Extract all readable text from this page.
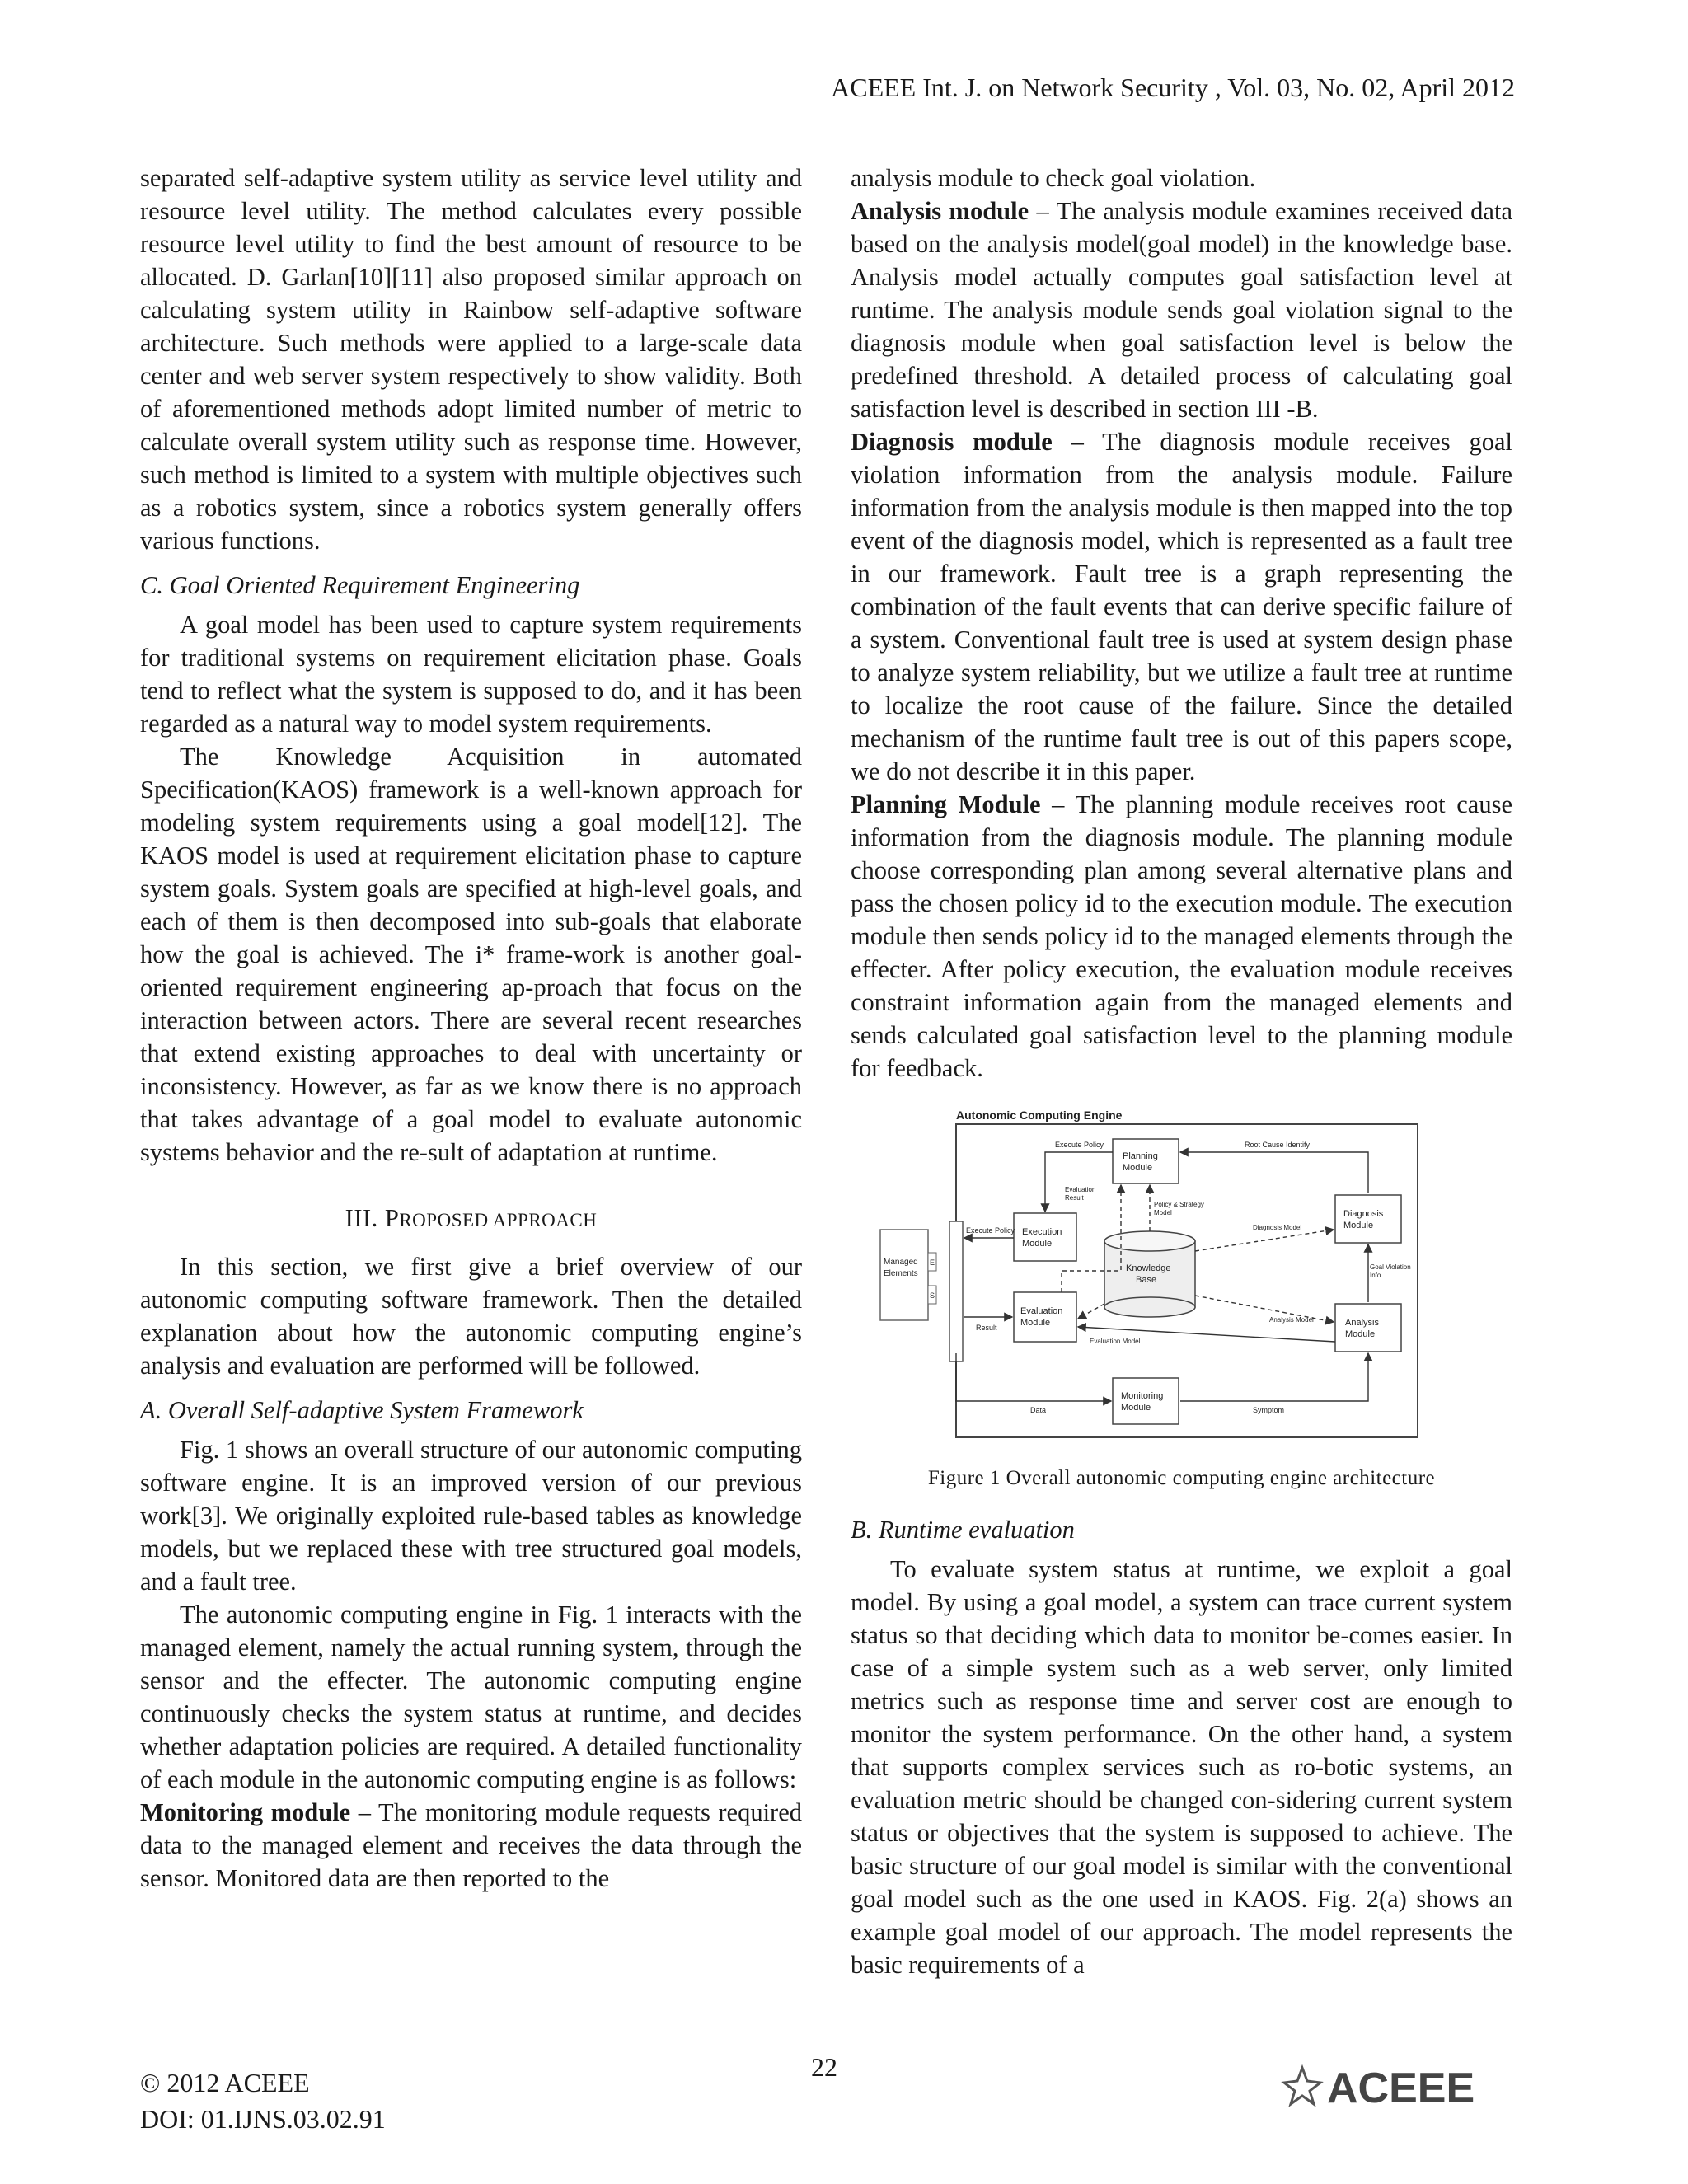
ACEEE Int. J. on Network Security , Vol. 03, No. 02, April 2012

separated self-adaptive system utility as service level utility and resource level utility. The method calculates every possible resource level utility to find the best amount of resource to be allocated. D. Garlan[10][11] also proposed similar approach on calculating system utility in Rainbow self-adaptive software architecture. Such methods were applied to a large-scale data center and web server system respectively to show validity. Both of aforementioned methods adopt limited number of metric to calculate overall system utility such as response time. However, such method is limited to a system with multiple objectives such as a robotics system, since a robotics system generally offers various functions.

C. Goal Oriented Requirement Engineering

A goal model has been used to capture system requirements for traditional systems on requirement elicitation phase. Goals tend to reflect what the system is supposed to do, and it has been regarded as a natural way to model system requirements.

The Knowledge Acquisition in automated Specification(KAOS) framework is a well-known approach for modeling system requirements using a goal model[12]. The KAOS model is used at requirement elicitation phase to capture system goals. System goals are specified at high-level goals, and each of them is then decomposed into sub-goals that elaborate how the goal is achieved. The i* frame-work is another goal-oriented requirement engineering ap-proach that focus on the interaction between actors. There are several recent researches that extend existing approaches to deal with uncertainty or inconsistency. However, as far as we know there is no approach that takes advantage of a goal model to evaluate autonomic systems behavior and the re-sult of adaptation at runtime.

III. PROPOSED APPROACH

In this section, we first give a brief overview of our autonomic computing software framework. Then the detailed explanation about how the autonomic computing engine’s analysis and evaluation are performed will be followed.

A. Overall Self-adaptive System Framework

Fig. 1 shows an overall structure of our autonomic computing software engine. It is an improved version of our previous work[3]. We originally exploited rule-based tables as knowledge models, but we replaced these with tree structured goal models, and a fault tree.

The autonomic computing engine in Fig. 1 interacts with the managed element, namely the actual running system, through the sensor and the effecter. The autonomic computing engine continuously checks the system status at runtime, and decides whether adaptation policies are required. A detailed functionality of each module in the autonomic computing engine is as follows:

Monitoring module – The monitoring module requests required data to the managed element and receives the data through the sensor. Monitored data are then reported to the

analysis module to check goal violation.

Analysis module – The analysis module examines received data based on the analysis model(goal model) in the knowledge base. Analysis model actually computes goal satisfaction level at runtime. The analysis module sends goal violation signal to the diagnosis module when goal satisfaction level is below the predefined threshold. A detailed process of calculating goal satisfaction level is described in section III -B.

Diagnosis module – The diagnosis module receives goal violation information from the analysis module. Failure information from the analysis module is then mapped into the top event of the diagnosis model, which is represented as a fault tree in our framework. Fault tree is a graph representing the combination of the fault events that can derive specific failure of a system. Conventional fault tree is used at system design phase to analyze system reliability, but we utilize a fault tree at runtime to localize the root cause of the failure. Since the detailed mechanism of the runtime fault tree is out of this papers scope, we do not describe it in this paper.

Planning Module – The planning module receives root cause information from the diagnosis module. The planning module choose corresponding plan among several alternative plans and pass the chosen policy id to the execution module. The execution module then sends policy id to the managed elements through the effecter. After policy execution, the evaluation module receives constraint information again from the managed elements and sends calculated goal satisfaction level to the planning module for feedback.

Autonomic Computing Engine
Managed
Elements
E
S
Planning
Module
Execution
Module
Evaluation
Module
Knowledge
Base
Diagnosis
Module
Analysis
Module
Monitoring
Module
Execute Policy	Root Cause Identify
Evaluation
Result
Policy & Strategy
Model
Diagnosis Model
Execute Policy
Goal Violation
Info.
Result
Evaluation Model
Analysis Model
Data	Symptom

Figure 1 Overall autonomic computing engine architecture

B. Runtime evaluation

To evaluate system status at runtime, we exploit a goal model. By using a goal model, a system can trace current system status so that deciding which data to monitor be-comes easier. In case of a simple system such as a web server, only limited metrics such as response time and server cost are enough to monitor the system performance. On the other hand, a system that supports complex services such as ro-botic systems, an evaluation metric should be changed con-sidering current system status or objectives that the system is supposed to achieve. The basic structure of our goal model is similar with the conventional goal model such as the one used in KAOS. Fig. 2(a) shows an example goal model of our approach. The model represents the basic requirements of a

22
© 2012 ACEEE
DOI: 01.IJNS.03.02.91
ACEEE
